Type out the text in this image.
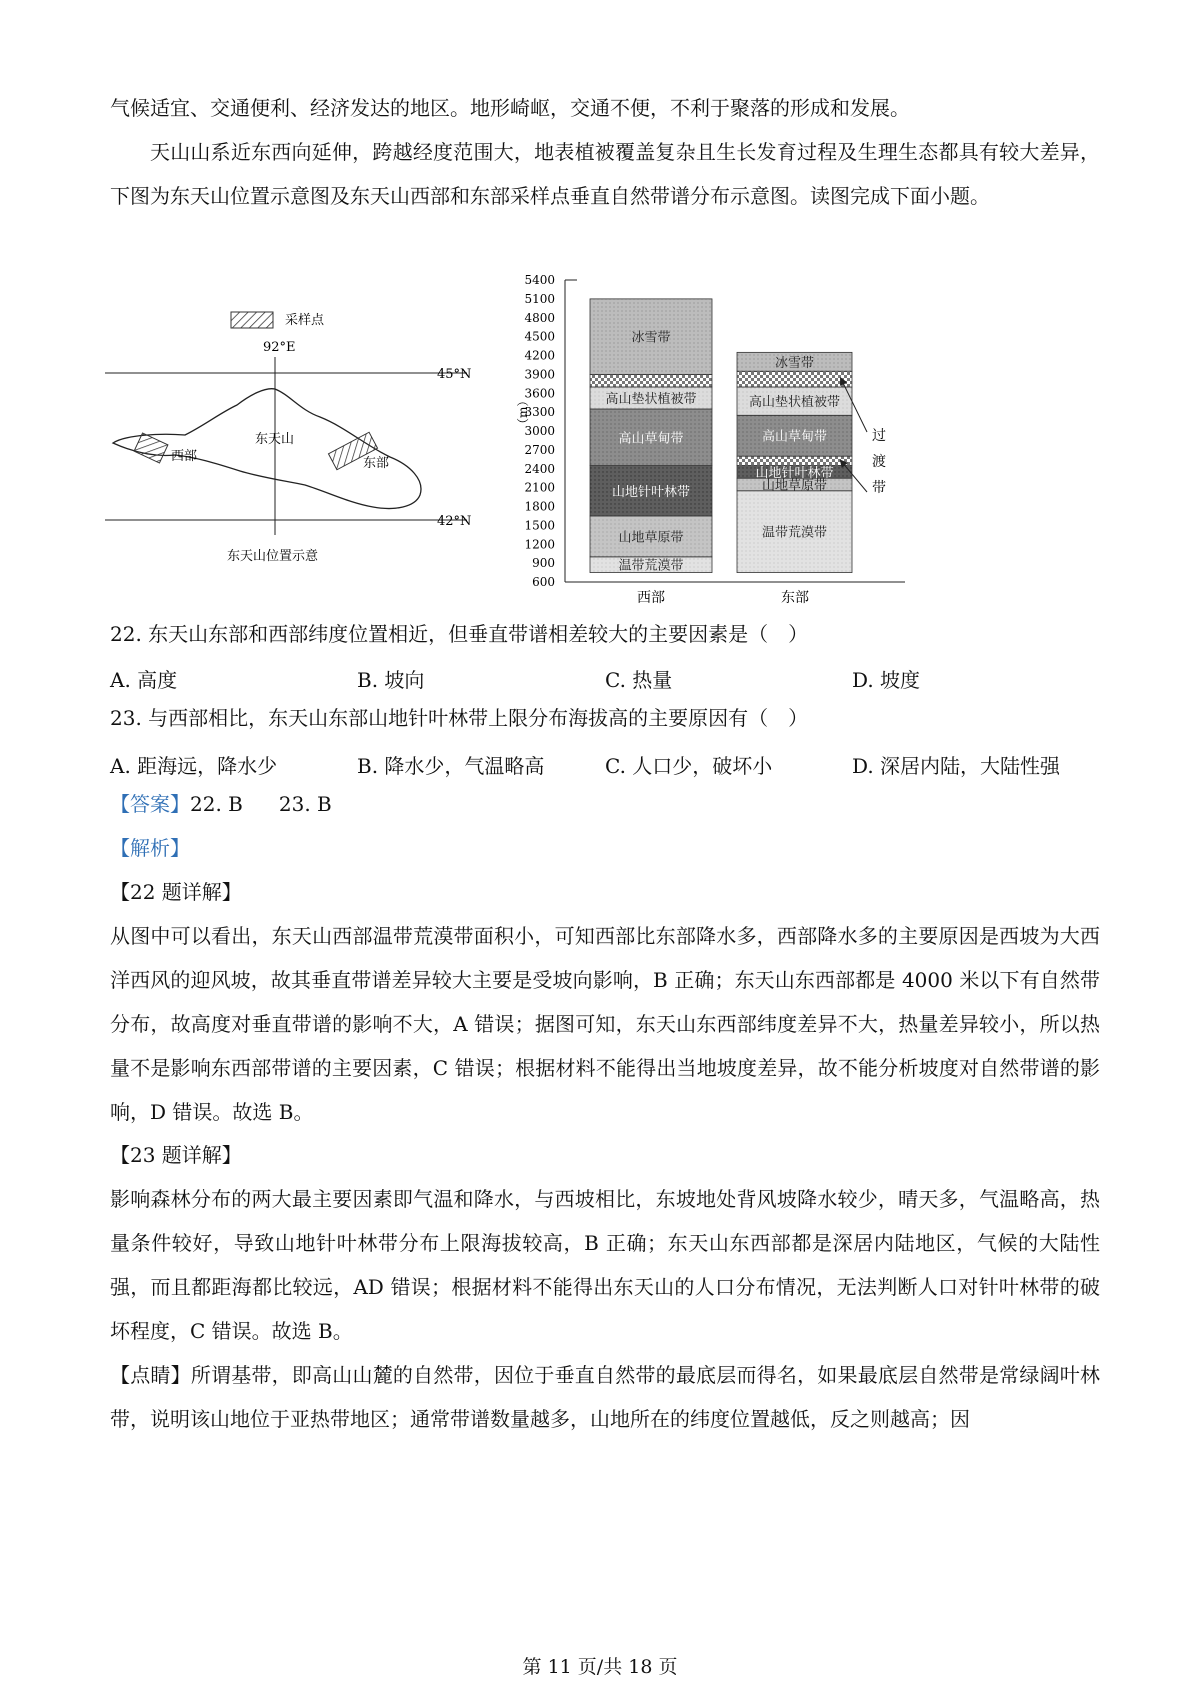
气候适宜、交通便利、经济发达的地区。地形崎岖，交通不便，不利于聚落的形成和发展。

天山山系近东西向延伸，跨越经度范围大，地表植被覆盖复杂且生长发育过程及生理生态都具有较大差异，下图为东天山位置示意图及东天山西部和东部采样点垂直自然带谱分布示意图。读图完成下面小题。

采样点
92°E
45°N
42°N
东天山
西部	东部
东天山位置示意
5400
5100
4800
4500
4200
3900
3600
3300
3000
2700
2400
2100
1800
1500
1200
900
600
（m）
温带荒漠带
山地草原带
山地针叶林带
高山草甸带
高山垫状植被带
冰雪带
温带荒漠带
山地草原带
山地针叶林带
高山草甸带
高山垫状植被带
冰雪带
西部	东部
过
渡
带

22. 东天山东部和西部纬度位置相近，但垂直带谱相差较大的主要因素是（　）

A. 高度	B. 坡向	C. 热量	D. 坡度

23. 与西部相比，东天山东部山地针叶林带上限分布海拔高的主要原因有（　）

A. 距海远，降水少	B. 降水少，气温略高	C. 人口少，破坏小	D. 深居内陆，大陆性强

【答案】22. B 23. B

【解析】

【22 题详解】

从图中可以看出，东天山西部温带荒漠带面积小，可知西部比东部降水多，西部降水多的主要原因是西坡为大西洋西风的迎风坡，故其垂直带谱差异较大主要是受坡向影响，B 正确；东天山东西部都是 4000 米以下有自然带分布，故高度对垂直带谱的影响不大，A 错误；据图可知，东天山东西部纬度差异不大，热量差异较小，所以热量不是影响东西部带谱的主要因素，C 错误；根据材料不能得出当地坡度差异，故不能分析坡度对自然带谱的影响，D 错误。故选 B。

【23 题详解】

影响森林分布的两大最主要因素即气温和降水，与西坡相比，东坡地处背风坡降水较少，晴天多，气温略高，热量条件较好，导致山地针叶林带分布上限海拔较高，B 正确；东天山东西部都是深居内陆地区，气候的大陆性强，而且都距海都比较远，AD 错误；根据材料不能得出东天山的人口分布情况，无法判断人口对针叶林带的破坏程度，C 错误。故选 B。

【点睛】所谓基带，即高山山麓的自然带，因位于垂直自然带的最底层而得名，如果最底层自然带是常绿阔叶林带，说明该山地位于亚热带地区；通常带谱数量越多，山地所在的纬度位置越低，反之则越高；因

第 11 页/共 18 页
